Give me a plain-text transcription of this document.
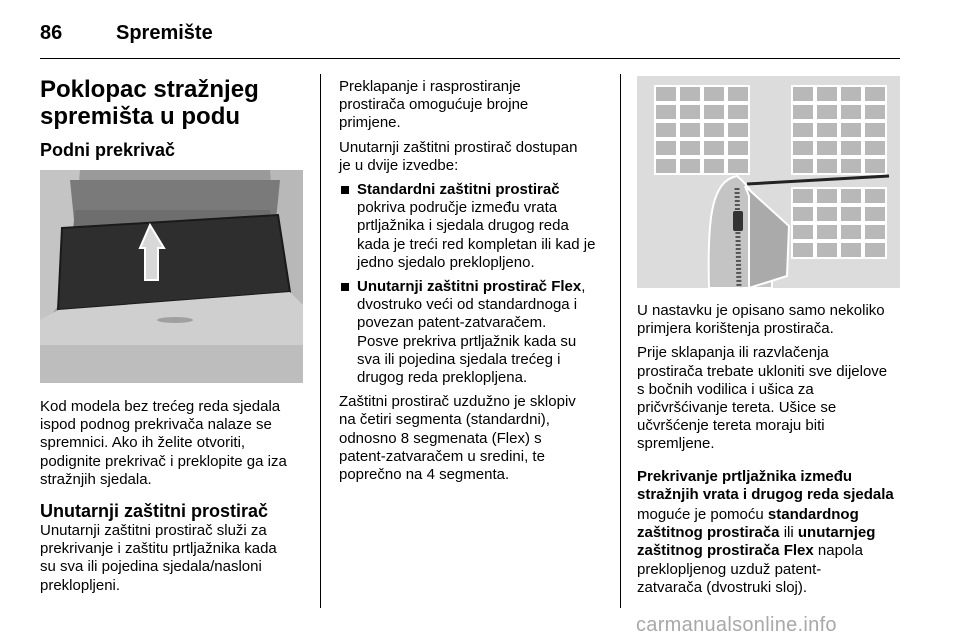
86	Spremište
Poklopac stražnjeg
spremišta u podu
Podni prekrivač

Kod modela bez trećeg reda sjedala
ispod podnog prekrivača nalaze se
spremnici. Ako ih želite otvoriti,
podignite prekrivač i preklopite ga iza
stražnjih sjedala.

Unutarnji zaštitni prostirač

Unutarnji zaštitni prostirač služi za
prekrivanje i zaštitu prtljažnika kada
su sva ili pojedina sjedala/nasloni
preklopljeni.

Preklapanje i rasprostiranje
prostirača omogućuje brojne
primjene.

Unutarnji zaštitni prostirač dostupan
je u dvije izvedbe:

Standardni zaštitni prostirač
pokriva područje između vrata
prtljažnika i sjedala drugog reda
kada je treći red kompletan ili kad je
jedno sjedalo preklopljeno.
Unutarnji zaštitni prostirač Flex,
dvostruko veći od standardnoga i
povezan patent-zatvaračem.
Posve prekriva prtljažnik kada su
sva ili pojedina sjedala trećeg i
drugog reda preklopljena.

Zaštitni prostirač uzdužno je sklopiv
na četiri segmenta (standardni),
odnosno 8 segmenata (Flex) s
patent-zatvaračem u sredini, te
poprečno na 4 segmenta.

U nastavku je opisano samo nekoliko
primjera korištenja prostirača.

Prije sklapanja ili razvlačenja
prostirača trebate ukloniti sve dijelove
s bočnih vodilica i ušica za
pričvršćivanje tereta. Ušice se
učvršćenje tereta moraju biti
spremljene.

Prekrivanje prtljažnika između
stražnjih vrata i drugog reda sjedala

moguće je pomoću standardnog
zaštitnog prostirača ili unutarnjeg
zaštitnog prostirača Flex napola
preklopljenog uzduž patent-
zatvarača (dvostruki sloj).

carmanualsonline.info
